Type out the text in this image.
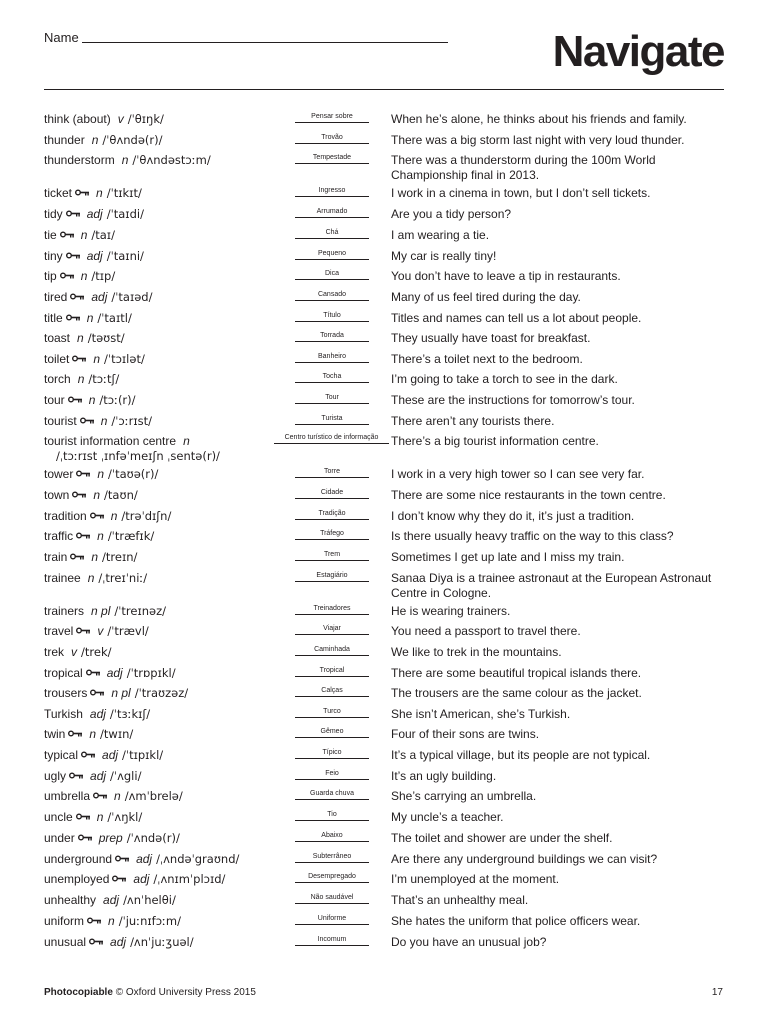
Name	Navigate
think (about) v /ˈθɪŋk/	Pensar sobre	When he’s alone, he thinks about his friends and family.
thunder n /ˈθʌndə(r)/	Trovão	There was a big storm last night with very loud thunder.
thunderstorm n /ˈθʌndəstɔːm/	Tempestade	There was a thunderstorm during the 100m World Championship final in 2013.
ticket n /ˈtɪkɪt/	Ingresso	I work in a cinema in town, but I don’t sell tickets.
tidy adj /ˈtaɪdi/	Arrumado	Are you a tidy person?
tie n /taɪ/	Chá	I am wearing a tie.
tiny adj /ˈtaɪni/	Pequeno	My car is really tiny!
tip n /tɪp/	Dica	You don’t have to leave a tip in restaurants.
tired adj /ˈtaɪəd/	Cansado	Many of us feel tired during the day.
title n /ˈtaɪtl/	Título	Titles and names can tell us a lot about people.
toast n /təʊst/	Torrada	They usually have toast for breakfast.
toilet n /ˈtɔɪlət/	Banheiro	There’s a toilet next to the bedroom.
torch n /tɔːtʃ/	Tocha	I’m going to take a torch to see in the dark.
tour n /tɔː(r)/	Tour	These are the instructions for tomorrow’s tour.
tourist n /ˈɔːrɪst/	Turista	There aren’t any tourists there.
tourist information centre n
/ˌtɔːrɪst ˌɪnfəˈmeɪʃn ˌsentə(r)/
Centro turístico de informação	There’s a big tourist information centre.
tower n /ˈtaʊə(r)/	Torre	I work in a very high tower so I can see very far.
town n /taʊn/	Cidade	There are some nice restaurants in the town centre.
tradition n /trəˈdɪʃn/	Tradição	I don’t know why they do it, it’s just a tradition.
traffic n /ˈtræfɪk/	Tráfego	Is there usually heavy traffic on the way to this class?
train n /treɪn/	Trem	Sometimes I get up late and I miss my train.
trainee n /ˌtreɪˈniː/	Estagiário	Sanaa Diya is a trainee astronaut at the European Astronaut Centre in Cologne.
trainers n pl /ˈtreɪnəz/	Treinadores	He is wearing trainers.
travel v /ˈtrævl/	Viajar	You need a passport to travel there.
trek v /trek/	Caminhada	We like to trek in the mountains.
tropical adj /ˈtrɒpɪkl/	Tropical	There are some beautiful tropical islands there.
trousers n pl /ˈtraʊzəz/	Calças	The trousers are the same colour as the jacket.
Turkish adj /ˈtɜːkɪʃ/	Turco	She isn’t American, she’s Turkish.
twin n /twɪn/	Gêmeo	Four of their sons are twins.
typical adj /ˈtɪpɪkl/	Típico	It’s a typical village, but its people are not typical.
ugly adj /ˈʌgli/	Feio	It’s an ugly building.
umbrella n /ʌmˈbrelə/	Guarda chuva	She’s carrying an umbrella.
uncle n /ˈʌŋkl/	Tio	My uncle’s a teacher.
under prep /ˈʌndə(r)/	Abaixo	The toilet and shower are under the shelf.
underground adj /ˌʌndəˈgraʊnd/	Subterrâneo	Are there any underground buildings we can visit?
unemployed adj /ˌʌnɪmˈplɔɪd/	Desempregado	I’m unemployed at the moment.
unhealthy adj /ʌnˈhelθi/	Não saudável	That’s an unhealthy meal.
uniform n /ˈjuːnɪfɔːm/	Uniforme	She hates the uniform that police officers wear.
unusual adj /ʌnˈjuːʒuəl/	Incomum	Do you have an unusual job?
Photocopiable © Oxford University Press 2015	17
